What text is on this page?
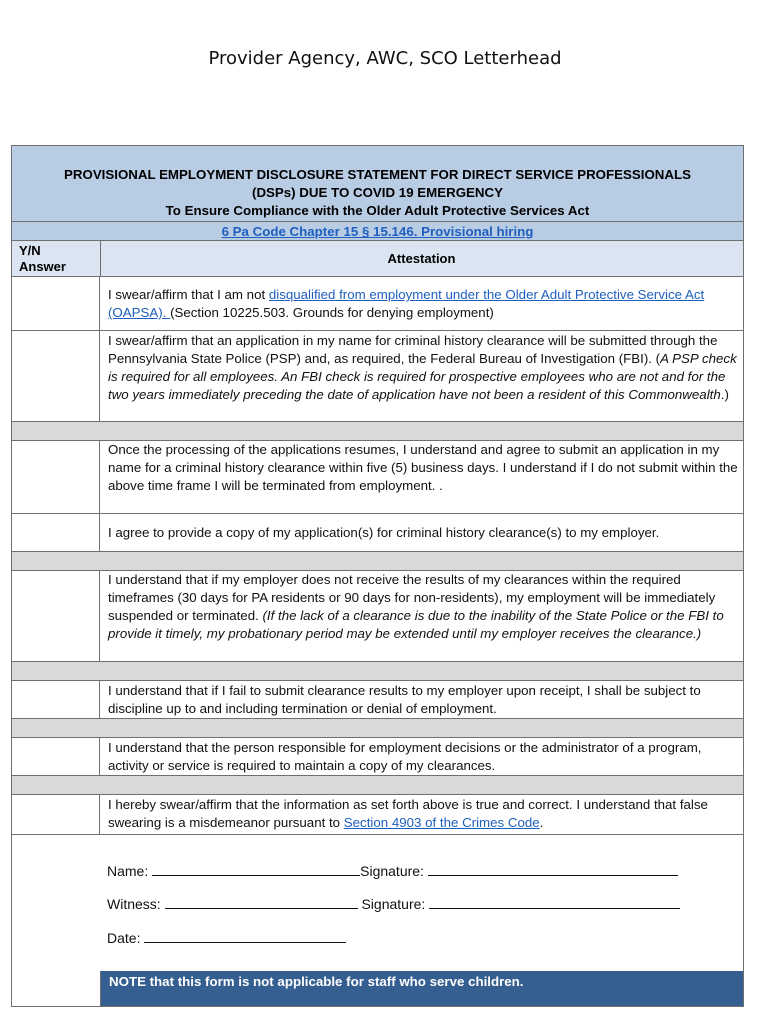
Provider Agency, AWC, SCO Letterhead
PROVISIONAL EMPLOYMENT DISCLOSURE STATEMENT FOR DIRECT SERVICE PROFESSIONALS
(DSPs) DUE TO COVID 19 EMERGENCY
To Ensure Compliance with the Older Adult Protective Services Act
6 Pa Code Chapter 15 § 15.146. Provisional hiring
Y/N
Answer
Attestation
I swear/affirm that I am not disqualified from employment under the Older Adult Protective Service Act (OAPSA). (Section 10225.503. Grounds for denying employment)
I swear/affirm that an application in my name for criminal history clearance will be submitted through the Pennsylvania State Police (PSP) and, as required, the Federal Bureau of Investigation (FBI). (A PSP check is required for all employees. An FBI check is required for prospective employees who are not and for the two years immediately preceding the date of application have not been a resident of this Commonwealth.)
Once the processing of the applications resumes, I understand and agree to submit an application in my name for a criminal history clearance within five (5) business days. I understand if I do not submit within the above time frame I will be terminated from employment. .
I agree to provide a copy of my application(s) for criminal history clearance(s) to my employer.
I understand that if my employer does not receive the results of my clearances within the required timeframes (30 days for PA residents or 90 days for non-residents), my employment will be immediately suspended or terminated. (If the lack of a clearance is due to the inability of the State Police or the FBI to provide it timely, my probationary period may be extended until my employer receives the clearance.)
I understand that if I fail to submit clearance results to my employer upon receipt, I shall be subject to discipline up to and including termination or denial of employment.
I understand that the person responsible for employment decisions or the administrator of a program, activity or service is required to maintain a copy of my clearances.
I hereby swear/affirm that the information as set forth above is true and correct. I understand that false swearing is a misdemeanor pursuant to Section 4903 of the Crimes Code.
Name:	Signature:
Witness:	Signature:
Date:
NOTE that this form is not applicable for staff who serve children.
